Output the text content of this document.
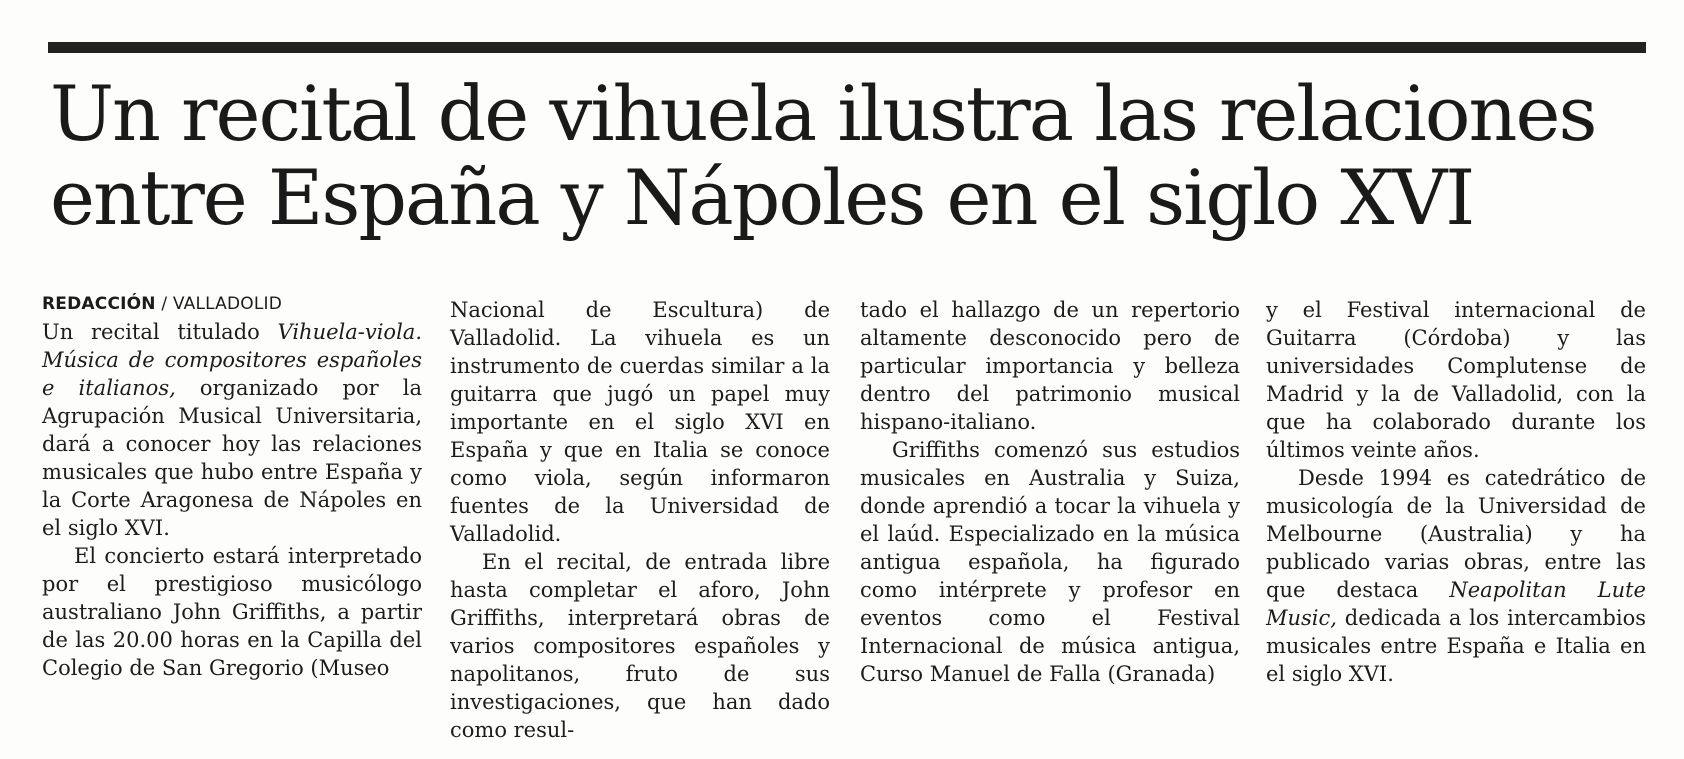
Un recital de vihuela ilustra las relaciones
entre España y Nápoles en el siglo XVI
REDACCIÓN / VALLADOLID

Un recital titulado Vihuela-viola. Música de compositores españoles e italianos, organizado por la Agrupación Musical Universitaria, dará a conocer hoy las relaciones musicales que hubo entre España y la Corte Aragonesa de Nápoles en el siglo XVI.

El concierto estará interpretado por el prestigioso musicólogo australiano John Griffiths, a partir de las 20.00 horas en la Capilla del Colegio de San Gregorio (Museo

Nacional de Escultura) de Valladolid. La vihuela es un instrumento de cuerdas similar a la guitarra que jugó un papel muy importante en el siglo XVI en España y que en Italia se conoce como viola, según informaron fuentes de la Universidad de Valladolid.

En el recital, de entrada libre hasta completar el aforo, John Griffiths, interpretará obras de varios compositores españoles y napolitanos, fruto de sus investigaciones, que han dado como resul-

tado el hallazgo de un repertorio altamente desconocido pero de particular importancia y belleza dentro del patrimonio musical hispano-italiano.

Griffiths comenzó sus estudios musicales en Australia y Suiza, donde aprendió a tocar la vihuela y el laúd. Especializado en la música antigua española, ha figurado como intérprete y profesor en eventos como el Festival Internacional de música antigua, Curso Manuel de Falla (Granada)

y el Festival internacional de Guitarra (Córdoba) y las universidades Complutense de Madrid y la de Valladolid, con la que ha colaborado durante los últimos veinte años.

Desde 1994 es catedrático de musicología de la Universidad de Melbourne (Australia) y ha publicado varias obras, entre las que destaca Neapolitan Lute Music, dedicada a los intercambios musicales entre España e Italia en el siglo XVI.
